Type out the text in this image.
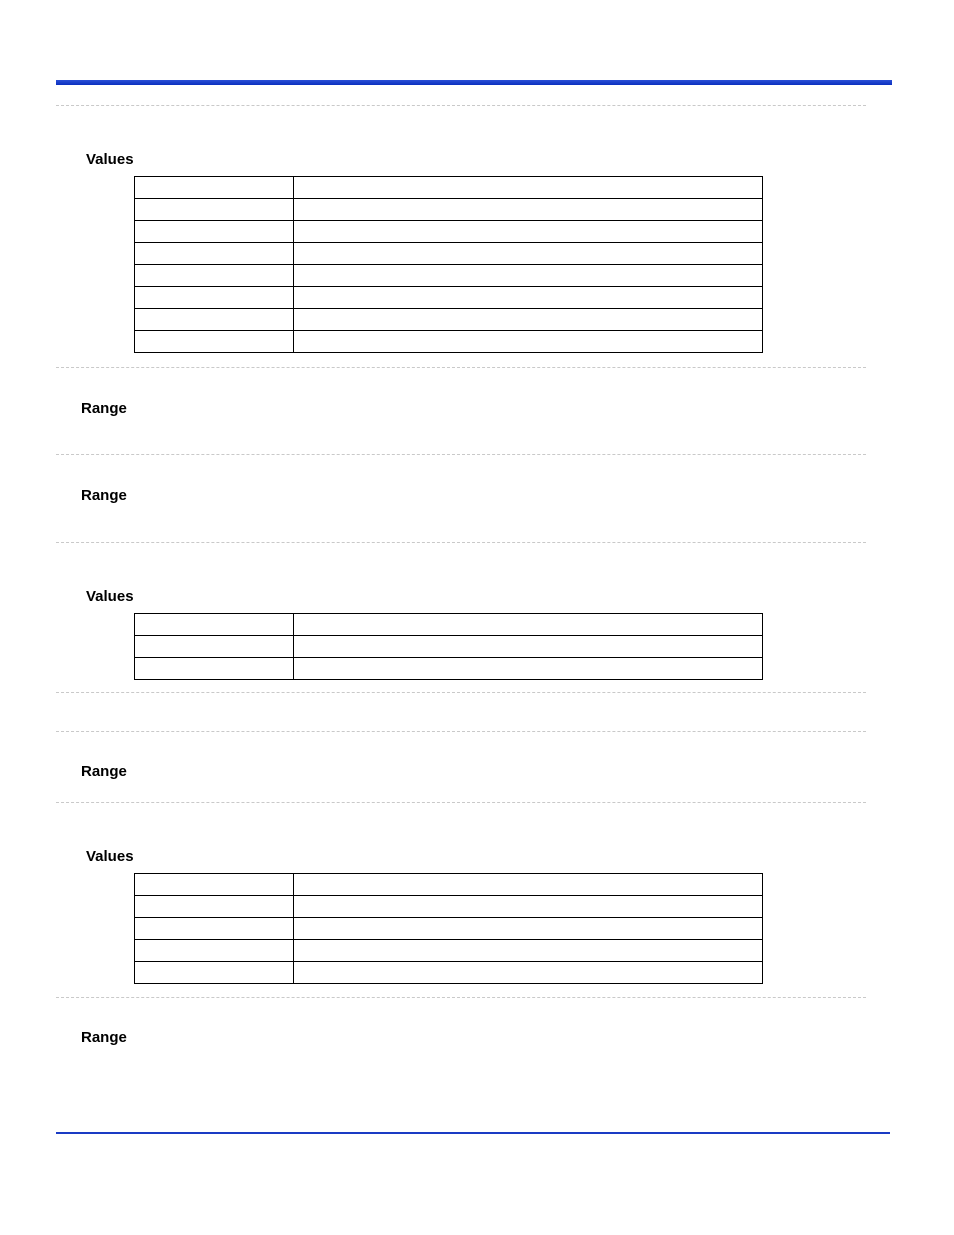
Values

Range
Range
Values

Range
Values

Range
